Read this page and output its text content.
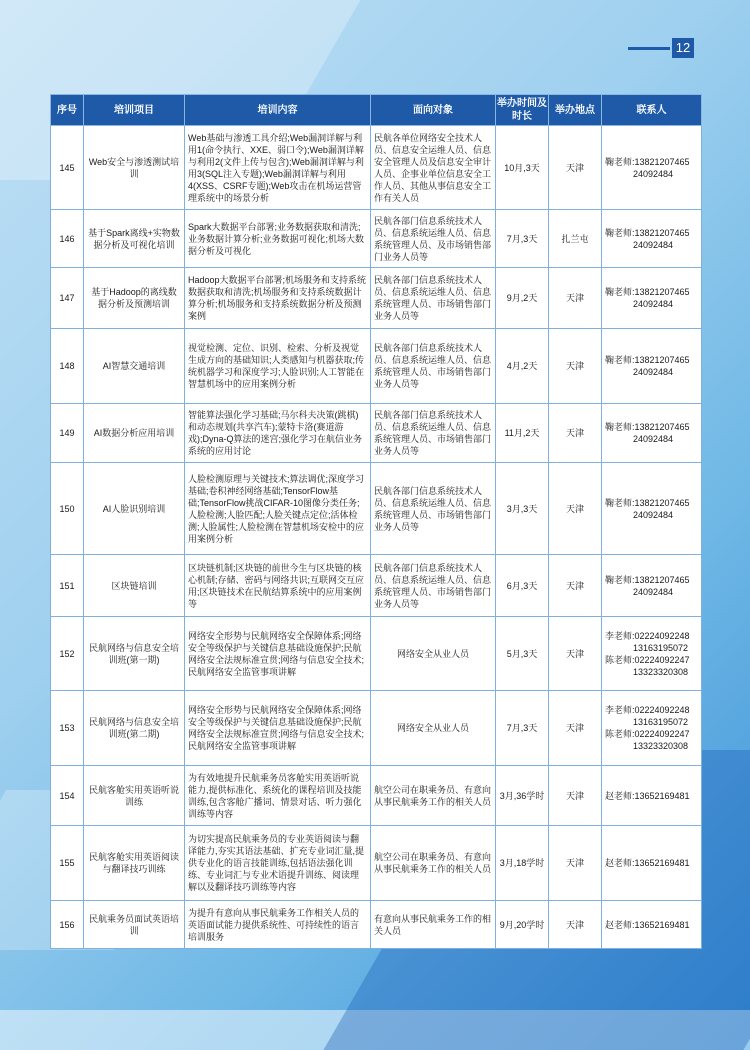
12
序号	培训项目	培训内容	面向对象	举办时间及时长	举办地点	联系人
145	Web安全与渗透测试培训	Web基础与渗透工具介绍;Web漏洞详解与利用1(命令执行、XXE、弱口令);Web漏洞详解与利用2(文件上传与包含);Web漏洞详解与利用3(SQL注入专题);Web漏洞详解与利用4(XSS、CSRF专题);Web攻击在机场运营管理系统中的场景分析	民航各单位网络安全技术人员、信息安全运维人员、信息安全管理人员及信息安全审计人员、企事业单位信息安全工作人员、其他从事信息安全工作有关人员	10月,3天	天津	鞠老师:13821207465
24092484

146	基于Spark离线+实物数据分析及可视化培训	Spark大数据平台部署;业务数据获取和清洗;业务数据计算分析;业务数据可视化;机场大数据分析及可视化	民航各部门信息系统技术人员、信息系统运维人员、信息系统管理人员、及市场销售部门业务人员等	7月,3天	扎兰屯	鞠老师:13821207465
24092484

147	基于Hadoop的离线数据分析及预测培训	Hadoop大数据平台部署;机场服务和支持系统数据获取和清洗;机场服务和支持系统数据计算分析;机场服务和支持系统数据分析及预测案例	民航各部门信息系统技术人员、信息系统运维人员、信息系统管理人员、市场销售部门业务人员等	9月,2天	天津	鞠老师:13821207465
24092484

148	AI智慧交通培训	视觉检测、定位、识别、检索、分析及视觉生成方向的基础知识;人类感知与机器获取;传统机器学习和深度学习;人脸识别;人工智能在智慧机场中的应用案例分析	民航各部门信息系统技术人员、信息系统运维人员、信息系统管理人员、市场销售部门业务人员等	4月,2天	天津	鞠老师:13821207465
24092484

149	AI数据分析应用培训	智能算法强化学习基础;马尔科夫决策(跳棋)和动态规划(共享汽车);蒙特卡洛(赛道游戏);Dyna-Q算法的迷宫;强化学习在航信业务系统的应用讨论	民航各部门信息系统技术人员、信息系统运维人员、信息系统管理人员、市场销售部门业务人员等	11月,2天	天津	鞠老师:13821207465
24092484

150	AI人脸识别培训	人脸检测原理与关键技术;算法调优;深度学习基础;卷积神经网络基础;TensorFlow基础;TensorFlow挑战CIFAR-10图像分类任务;人脸检测;人脸匹配;人脸关键点定位;活体检测;人脸属性;人脸检测在智慧机场安检中的应用案例分析	民航各部门信息系统技术人员、信息系统运维人员、信息系统管理人员、市场销售部门业务人员等	3月,3天	天津	鞠老师:13821207465
24092484

151	区块链培训	区块链机制;区块链的前世今生与区块链的核心机制;存储、密码与网络共识;互联网交互应用;区块链技术在民航结算系统中的应用案例等	民航各部门信息系统技术人员、信息系统运维人员、信息系统管理人员、市场销售部门业务人员等	6月,3天	天津	鞠老师:13821207465
24092484

152	民航网络与信息安全培训班(第一期)	网络安全形势与民航网络安全保障体系;网络安全等级保护与关键信息基础设施保护;民航网络安全法规标准宣贯;网络与信息安全技术;民航网络安全监管事项讲解	网络安全从业人员	5月,3天	天津	李老师:02224092248
13163195072
陈老师:02224092247
13323320308

153	民航网络与信息安全培训班(第二期)	网络安全形势与民航网络安全保障体系;网络安全等级保护与关键信息基础设施保护;民航网络安全法规标准宣贯;网络与信息安全技术;民航网络安全监管事项讲解	网络安全从业人员	7月,3天	天津	李老师:02224092248
13163195072
陈老师:02224092247
13323320308

154	民航客舱实用英语听说训练	为有效地提升民航乘务员客舱实用英语听说能力,提供标准化、系统化的课程培训及技能训练,包含客舱广播词、情景对话、听力强化训练等内容	航空公司在职乘务员、有意向从事民航乘务工作的相关人员	3月,36学时	天津	赵老师:13652169481

155	民航客舱实用英语阅读与翻译技巧训练	为切实提高民航乘务员的专业英语阅读与翻译能力,夯实其语法基础、扩充专业词汇量,提供专业化的语言技能训练,包括语法强化训练、专业词汇与专业术语提升训练、阅读理解以及翻译技巧训练等内容	航空公司在职乘务员、有意向从事民航乘务工作的相关人员	3月,18学时	天津	赵老师:13652169481

156	民航乘务员面试英语培训	为提升有意向从事民航乘务工作相关人员的英语面试能力提供系统性、可持续性的语言培训服务	有意向从事民航乘务工作的相关人员	9月,20学时	天津	赵老师:13652169481
